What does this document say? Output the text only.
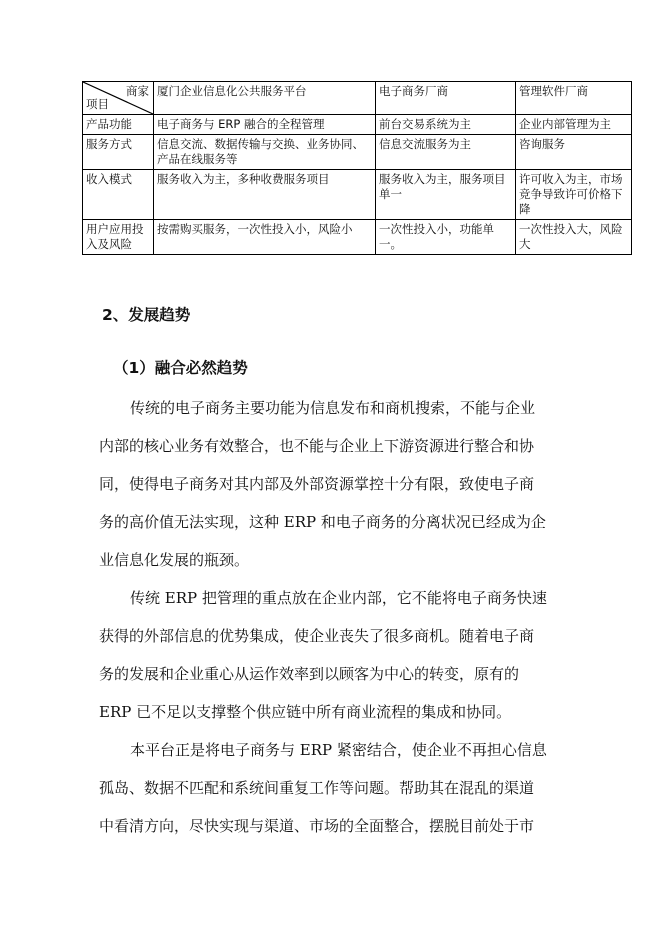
商家
项目	厦门企业信息化公共服务平台	电子商务厂商	管理软件厂商
产品功能	电子商务与 ERP 融合的全程管理	前台交易系统为主	企业内部管理为主
服务方式	信息交流、数据传输与交换、业务协同、产品在线服务等	信息交流服务为主	咨询服务
收入模式	服务收入为主，多种收费服务项目	服务收入为主，服务项目单一	许可收入为主，市场竞争导致许可价格下降
用户应用投入及风险	按需购买服务，一次性投入小，风险小	一次性投入小，功能单一。	一次性投入大，风险大
2、发展趋势
（1）融合必然趋势
传统的电子商务主要功能为信息发布和商机搜索，不能与企业
内部的核心业务有效整合，也不能与企业上下游资源进行整合和协
同，使得电子商务对其内部及外部资源掌控十分有限，致使电子商
务的高价值无法实现，这种 ERP 和电子商务的分离状况已经成为企
业信息化发展的瓶颈。
传统 ERP 把管理的重点放在企业内部，它不能将电子商务快速
获得的外部信息的优势集成，使企业丧失了很多商机。随着电子商
务的发展和企业重心从运作效率到以顾客为中心的转变，原有的
ERP 已不足以支撑整个供应链中所有商业流程的集成和协同。
本平台正是将电子商务与 ERP 紧密结合，使企业不再担心信息
孤岛、数据不匹配和系统间重复工作等问题。帮助其在混乱的渠道
中看清方向，尽快实现与渠道、市场的全面整合，摆脱目前处于市
